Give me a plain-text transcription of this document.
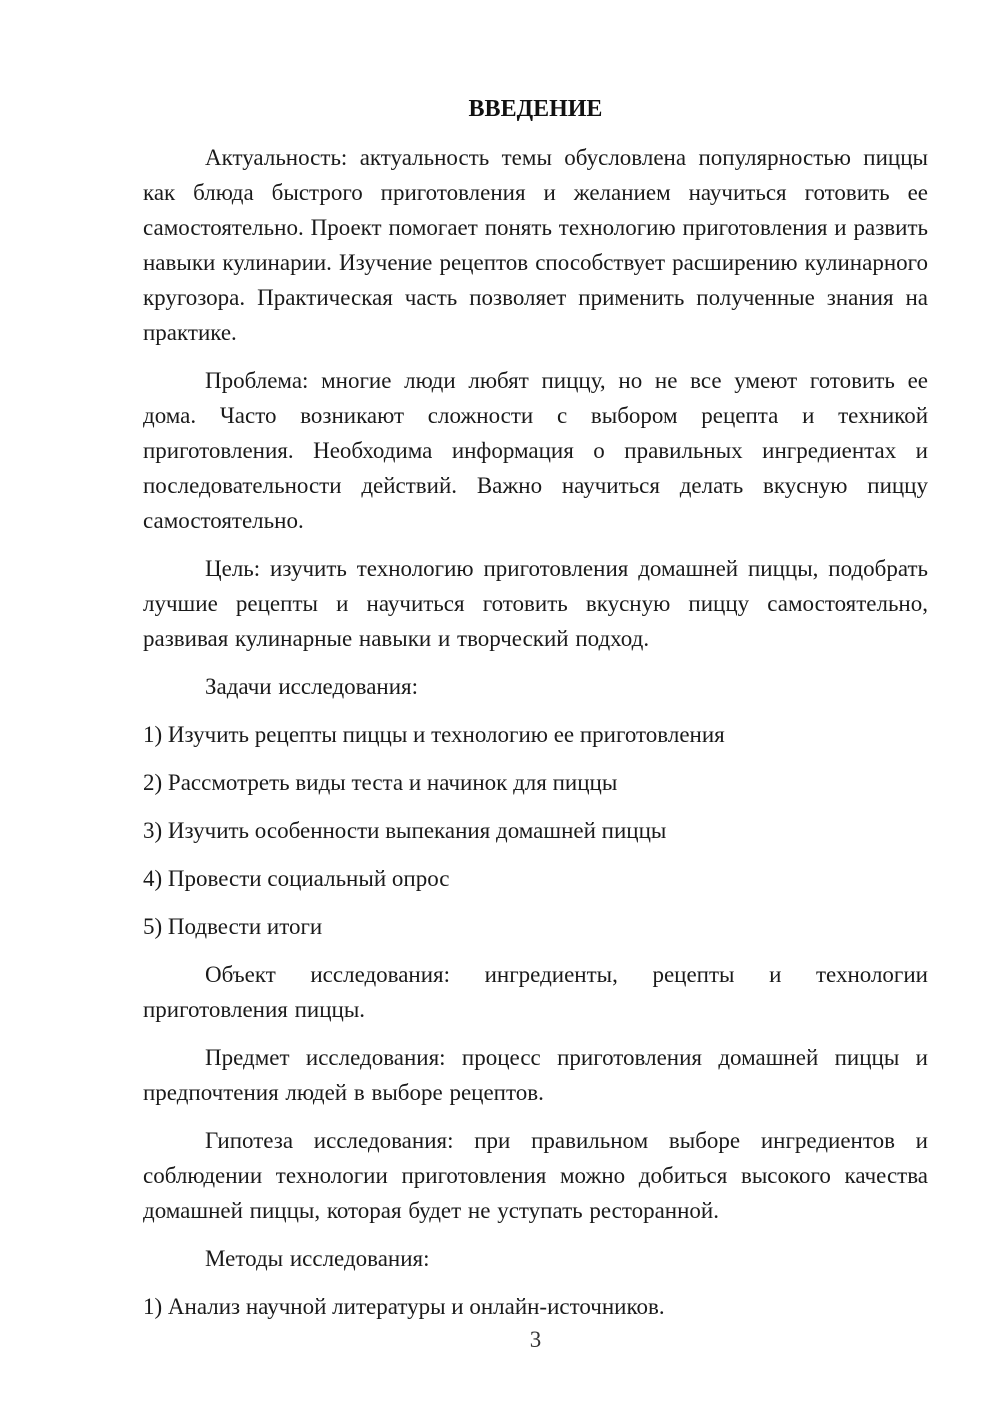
ВВЕДЕНИЕ

Актуальность: актуальность темы обусловлена популярностью пиццы как блюда быстрого приготовления и желанием научиться готовить ее самостоятельно. Проект помогает понять технологию приготовления и развить навыки кулинарии. Изучение рецептов способствует расширению кулинарного кругозора. Практическая часть позволяет применить полученные знания на практике.

Проблема: многие люди любят пиццу, но не все умеют готовить ее дома. Часто возникают сложности с выбором рецепта и техникой приготовления. Необходима информация о правильных ингредиентах и последовательности действий. Важно научиться делать вкусную пиццу самостоятельно.

Цель: изучить технологию приготовления домашней пиццы, подобрать лучшие рецепты и научиться готовить вкусную пиццу самостоятельно, развивая кулинарные навыки и творческий подход.

Задачи исследования:

1) Изучить рецепты пиццы и технологию ее приготовления

2) Рассмотреть виды теста и начинок для пиццы

3) Изучить особенности выпекания домашней пиццы

4) Провести социальный опрос

5) Подвести итоги

Объект исследования: ингредиенты, рецепты и технологии приготовления пиццы.

Предмет исследования: процесс приготовления домашней пиццы и предпочтения людей в выборе рецептов.

Гипотеза исследования: при правильном выборе ингредиентов и соблюдении технологии приготовления можно добиться высокого качества домашней пиццы, которая будет не уступать ресторанной.

Методы исследования:

1) Анализ научной литературы и онлайн-источников.

3
